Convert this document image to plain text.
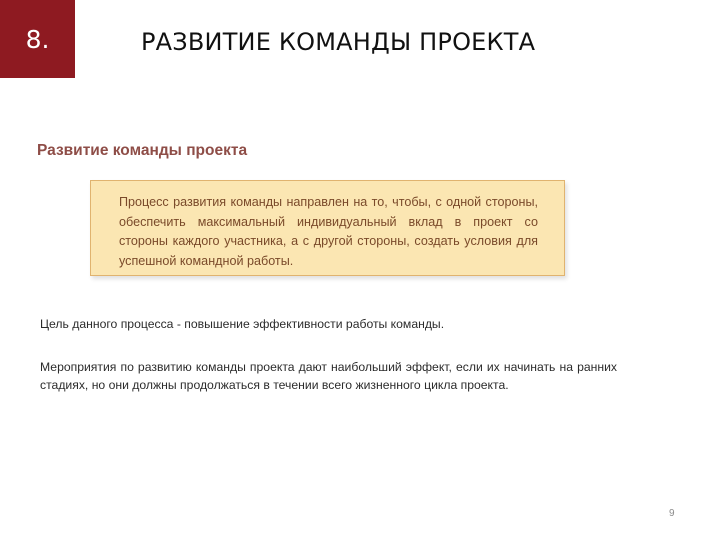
8.	РАЗВИТИЕ КОМАНДЫ ПРОЕКТА
Развитие команды проекта
Процесс развития команды направлен на то, чтобы, с одной стороны, обеспечить максимальный индивидуальный вклад в проект со стороны каждого участника, а с другой стороны, создать условия для успешной командной работы.
Цель данного процесса - повышение эффективности работы команды.
Мероприятия по развитию команды проекта дают наибольший эффект, если их начинать на ранних стадиях, но они должны продолжаться в течении всего жизненного цикла проекта.
9
